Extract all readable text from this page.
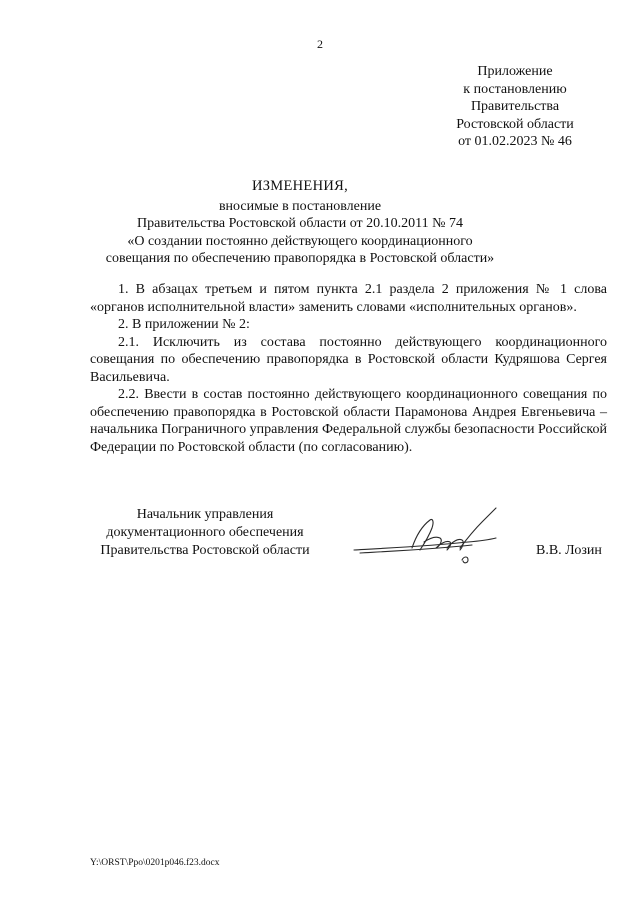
2
Приложение
к постановлению
Правительства
Ростовской области
от 01.02.2023 № 46
ИЗМЕНЕНИЯ,
вносимые в постановление
Правительства Ростовской области от 20.10.2011 № 74
«О создании постоянно действующего координационного
совещания по обеспечению правопорядка в Ростовской области»

1. В абзацах третьем и пятом пункта 2.1 раздела 2 приложения № 1 слова «органов исполнительной власти» заменить словами «исполнительных органов».

2. В приложении № 2:

2.1. Исключить из состава постоянно действующего координационного совещания по обеспечению правопорядка в Ростовской области Кудряшова Сергея Васильевича.

2.2. Ввести в состав постоянно действующего координационного совещания по обеспечению правопорядка в Ростовской области Парамонова Андрея Евгеньевича – начальника Пограничного управления Федеральной службы безопасности Российской Федерации по Ростовской области (по согласованию).

Начальник управления
документационного обеспечения
Правительства Ростовской области	В.В. Лозин
Y:\ORST\Ppo\0201p046.f23.docx
